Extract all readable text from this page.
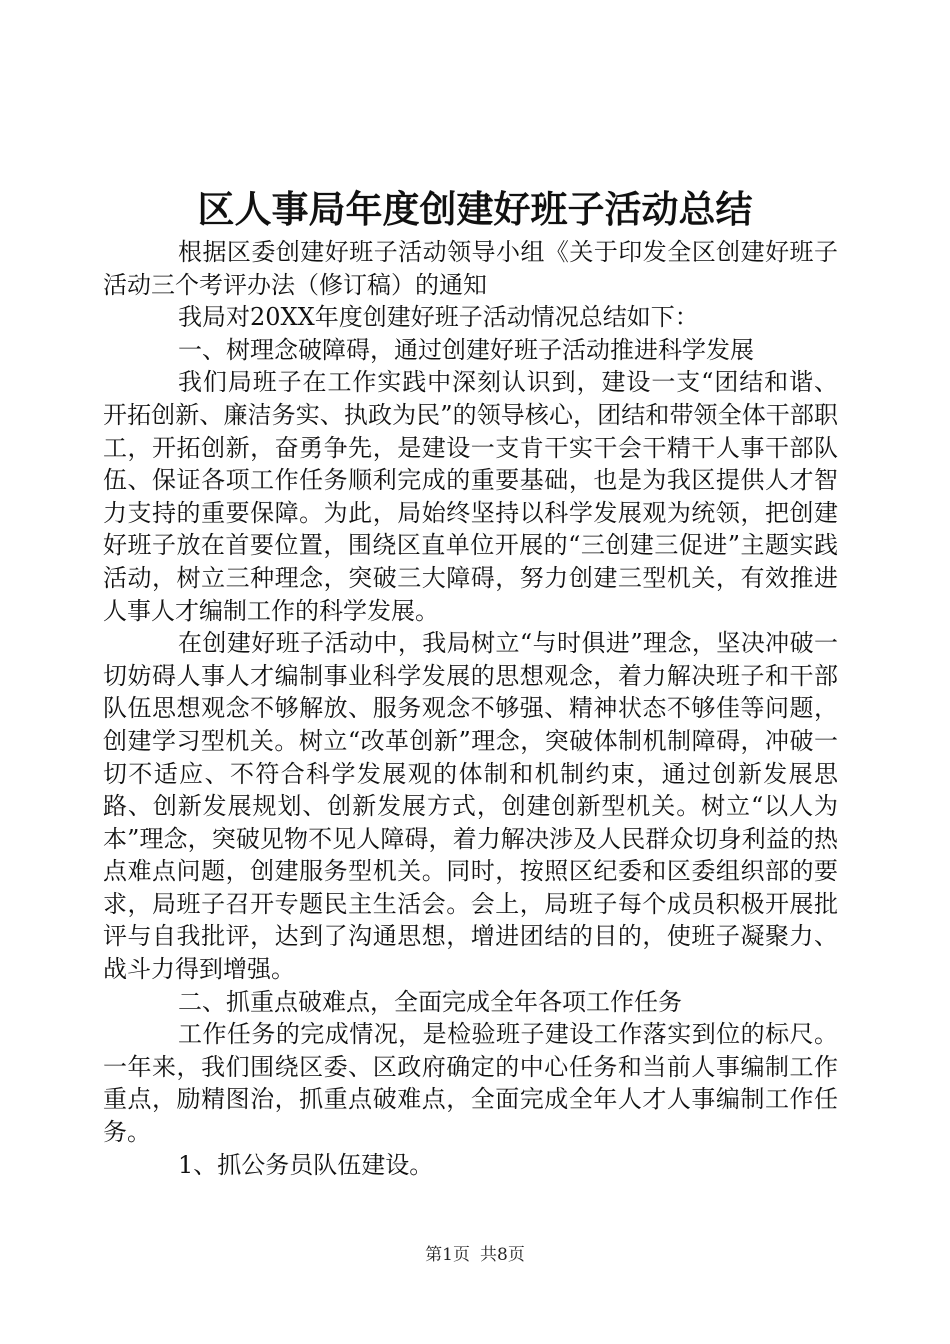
区人事局年度创建好班子活动总结

根据区委创建好班子活动领导小组《关于印发全区创建好班子活动三个考评办法（修订稿）的通知

我局对20XX年度创建好班子活动情况总结如下：

一、树理念破障碍，通过创建好班子活动推进科学发展

我们局班子在工作实践中深刻认识到，建设一支“团结和谐、开拓创新、廉洁务实、执政为民”的领导核心，团结和带领全体干部职工，开拓创新，奋勇争先，是建设一支肯干实干会干精干人事干部队伍、保证各项工作任务顺利完成的重要基础，也是为我区提供人才智力支持的重要保障。为此，局始终坚持以科学发展观为统领，把创建好班子放在首要位置，围绕区直单位开展的“三创建三促进”主题实践活动，树立三种理念，突破三大障碍，努力创建三型机关，有效推进人事人才编制工作的科学发展。

在创建好班子活动中，我局树立“与时俱进”理念，坚决冲破一切妨碍人事人才编制事业科学发展的思想观念，着力解决班子和干部队伍思想观念不够解放、服务观念不够强、精神状态不够佳等问题，创建学习型机关。树立“改革创新”理念，突破体制机制障碍，冲破一切不适应、不符合科学发展观的体制和机制约束，通过创新发展思路、创新发展规划、创新发展方式，创建创新型机关。树立“以人为本”理念，突破见物不见人障碍，着力解决涉及人民群众切身利益的热点难点问题，创建服务型机关。同时，按照区纪委和区委组织部的要求，局班子召开专题民主生活会。会上，局班子每个成员积极开展批评与自我批评，达到了沟通思想，增进团结的目的，使班子凝聚力、战斗力得到增强。

二、抓重点破难点，全面完成全年各项工作任务

工作任务的完成情况，是检验班子建设工作落实到位的标尺。一年来，我们围绕区委、区政府确定的中心任务和当前人事编制工作重点，励精图治，抓重点破难点，全面完成全年人才人事编制工作任务。

1、抓公务员队伍建设。

第1页 共8页
